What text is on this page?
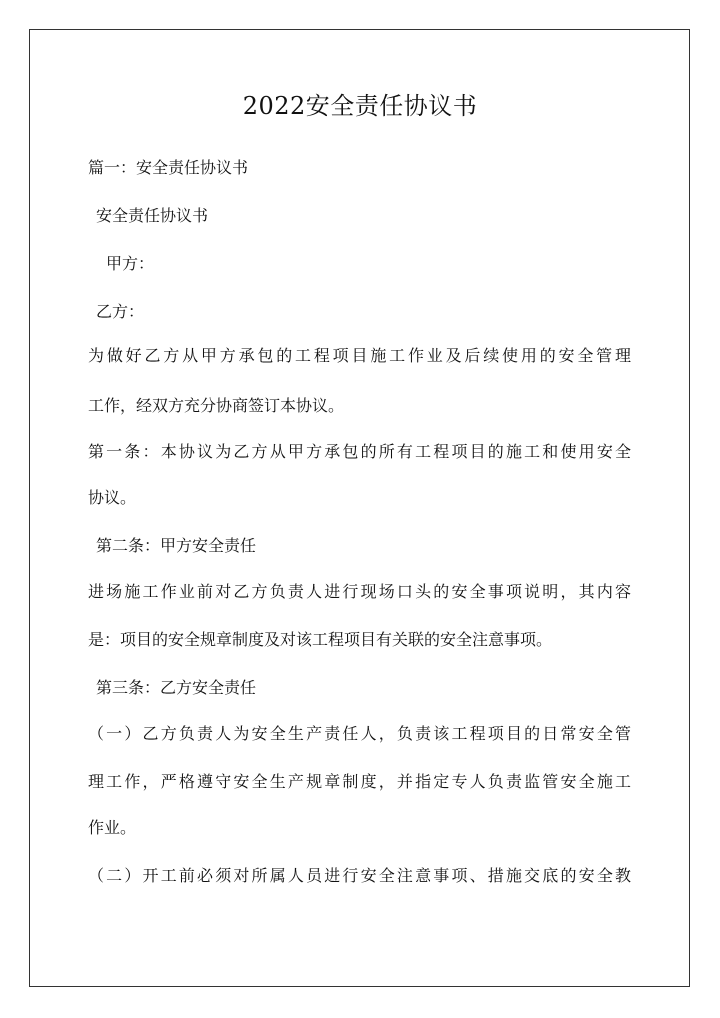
2022安全责任协议书
篇一：安全责任协议书
安全责任协议书
甲方：
乙方：
为做好乙方从甲方承包的工程项目施工作业及后续使用的安全管理
工作，经双方充分协商签订本协议。
第一条：本协议为乙方从甲方承包的所有工程项目的施工和使用安全
协议。
第二条：甲方安全责任
进场施工作业前对乙方负责人进行现场口头的安全事项说明，其内容
是：项目的安全规章制度及对该工程项目有关联的安全注意事项。
第三条：乙方安全责任
（一）乙方负责人为安全生产责任人，负责该工程项目的日常安全管
理工作，严格遵守安全生产规章制度，并指定专人负责监管安全施工
作业。
（二）开工前必须对所属人员进行安全注意事项、措施交底的安全教
